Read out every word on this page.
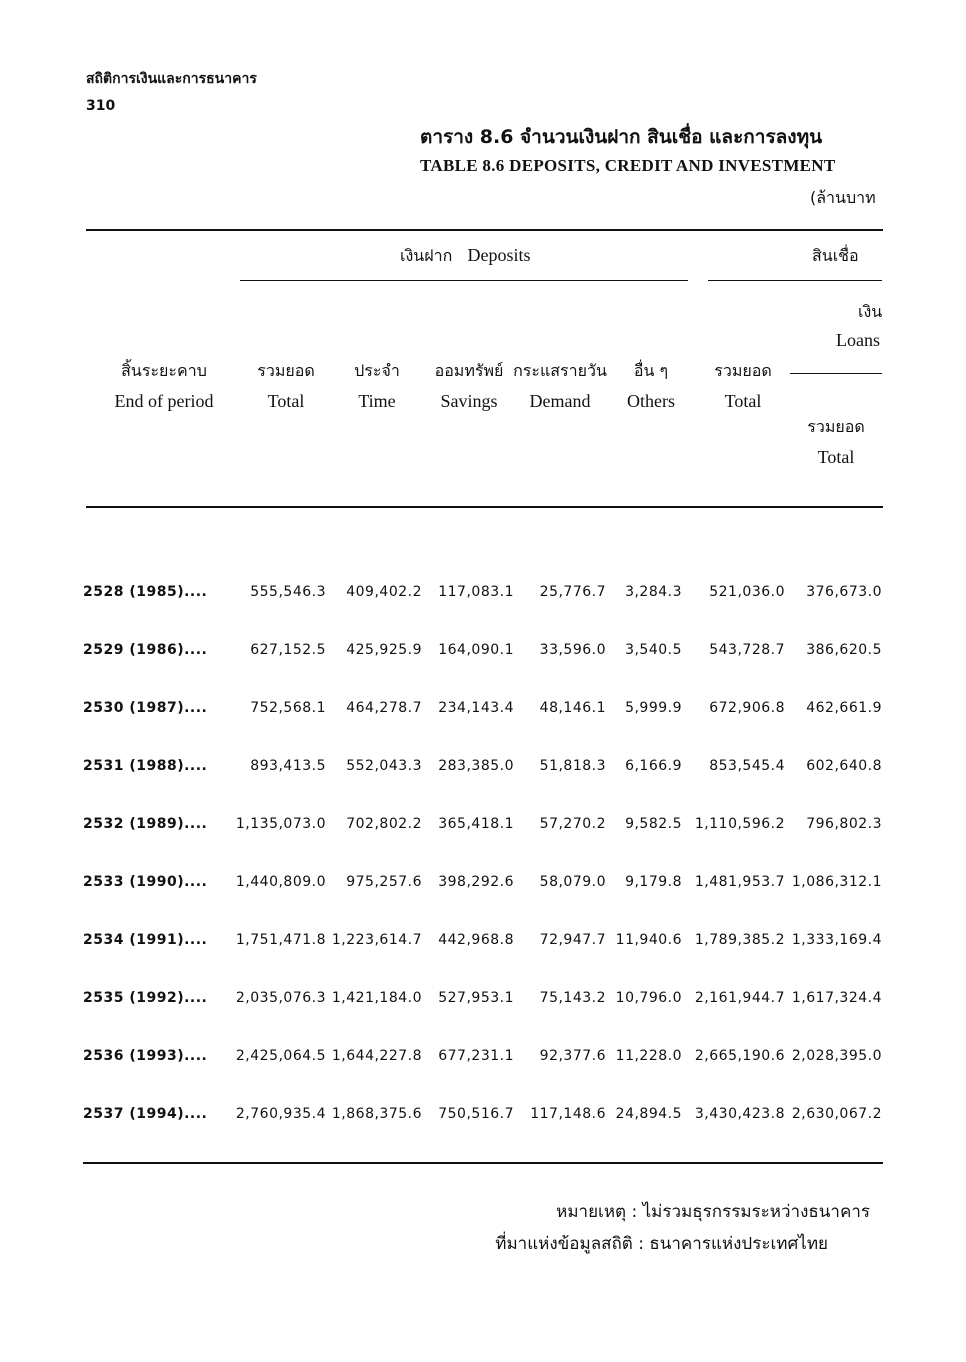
สถิติการเงินและการธนาคาร
310
ตาราง 8.6 จำนวนเงินฝาก สินเชื่อ และการลงทุน
TABLE 8.6 DEPOSITS, CREDIT AND INVESTMENT
(ล้านบาท
เงินฝาก Deposits	สินเชื่อ
เงิน
Loans
สิ้นระยะคาบ
End of period
รวมยอด
Total
ประจำ
Time
ออมทรัพย์
Savings
กระแสรายวัน
Demand
อื่น ๆ
Others
รวมยอด
Total
รวมยอด
Total
2528 (1985)....	555,546.3 409,402.2 117,083.1 25,776.7 3,284.3 521,036.0 376,673.0
2529 (1986)....	627,152.5 425,925.9 164,090.1 33,596.0 3,540.5 543,728.7 386,620.5
2530 (1987)....	752,568.1 464,278.7 234,143.4 48,146.1 5,999.9 672,906.8 462,661.9
2531 (1988)....	893,413.5 552,043.3 283,385.0 51,818.3 6,166.9 853,545.4 602,640.8
2532 (1989).... 1,135,073.0 702,802.2 365,418.1 57,270.2 9,582.5 1,110,596.2 796,802.3
2533 (1990).... 1,440,809.0 975,257.6 398,292.6 58,079.0 9,179.8 1,481,953.7 1,086,312.1
2534 (1991).... 1,751,471.8 1,223,614.7 442,968.8 72,947.7 11,940.6 1,789,385.2 1,333,169.4
2535 (1992).... 2,035,076.3 1,421,184.0 527,953.1 75,143.2 10,796.0 2,161,944.7 1,617,324.4
2536 (1993).... 2,425,064.5 1,644,227.8 677,231.1 92,377.6 11,228.0 2,665,190.6 2,028,395.0
2537 (1994).... 2,760,935.4 1,868,375.6 750,516.7 117,148.6 24,894.5 3,430,423.8 2,630,067.2
หมายเหตุ : ไม่รวมธุรกรรมระหว่างธนาคาร
ที่มาแห่งข้อมูลสถิติ : ธนาคารแห่งประเทศไทย
